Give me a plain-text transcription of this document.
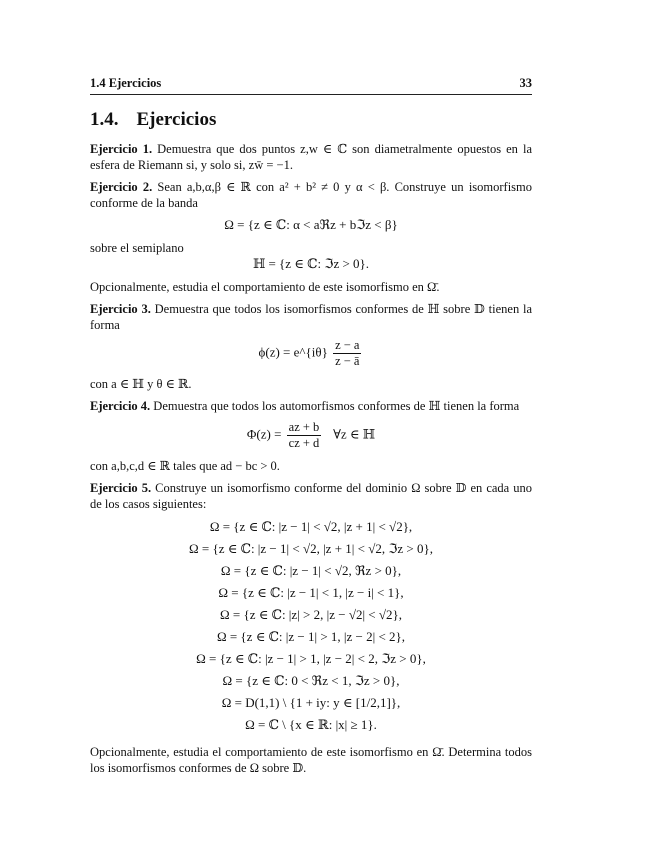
1.4 Ejercicios	33
1.4. Ejercicios

Ejercicio 1. Demuestra que dos puntos z,w ∈ ℂ son diametralmente opuestos en la esfera de Riemann si, y solo si, zw̄ = −1.

Ejercicio 2. Sean a,b,α,β ∈ ℝ con a² + b² ≠ 0 y α < β. Construye un isomorfismo conforme de la banda

Ω = {z ∈ ℂ: α < aℜz + bℑz < β}

sobre el semiplano

ℍ = {z ∈ ℂ: ℑz > 0}.

Opcionalmente, estudia el comportamiento de este isomorfismo en Ω̄.

Ejercicio 3. Demuestra que todos los isomorfismos conformes de ℍ sobre 𝔻 tienen la forma

ϕ(z) = e^{iθ} $\frac{z - a}{z - ā}$

con a ∈ ℍ y θ ∈ ℝ.

Ejercicio 4. Demuestra que todos los automorfismos conformes de ℍ tienen la forma

$\Phi(z) = \frac{az + b}{cz + d}$ ∀z ∈ ℍ

con a,b,c,d ∈ ℝ tales que ad − bc > 0.

Ejercicio 5. Construye un isomorfismo conforme del dominio Ω sobre 𝔻 en cada uno de los casos siguientes:

Ω = {z ∈ ℂ: |z − 1| < √2, |z + 1| < √2},
Ω = {z ∈ ℂ: |z − 1| < √2, |z + 1| < √2, ℑz > 0},
Ω = {z ∈ ℂ: |z − 1| < √2, ℜz > 0},
Ω = {z ∈ ℂ: |z − 1| < 1, |z − i| < 1},
Ω = {z ∈ ℂ: |z| > 2, |z − √2| < √2},
Ω = {z ∈ ℂ: |z − 1| > 1, |z − 2| < 2},
Ω = {z ∈ ℂ: |z − 1| > 1, |z − 2| < 2, ℑz > 0},
Ω = {z ∈ ℂ: 0 < ℜz < 1, ℑz > 0},
Ω = D(1,1) \ {1 + iy: y ∈ [1/2,1]},
Ω = ℂ \ {x ∈ ℝ: |x| ≥ 1}.

Opcionalmente, estudia el comportamiento de este isomorfismo en Ω̄. Determina todos los isomorfismos conformes de Ω sobre 𝔻.
